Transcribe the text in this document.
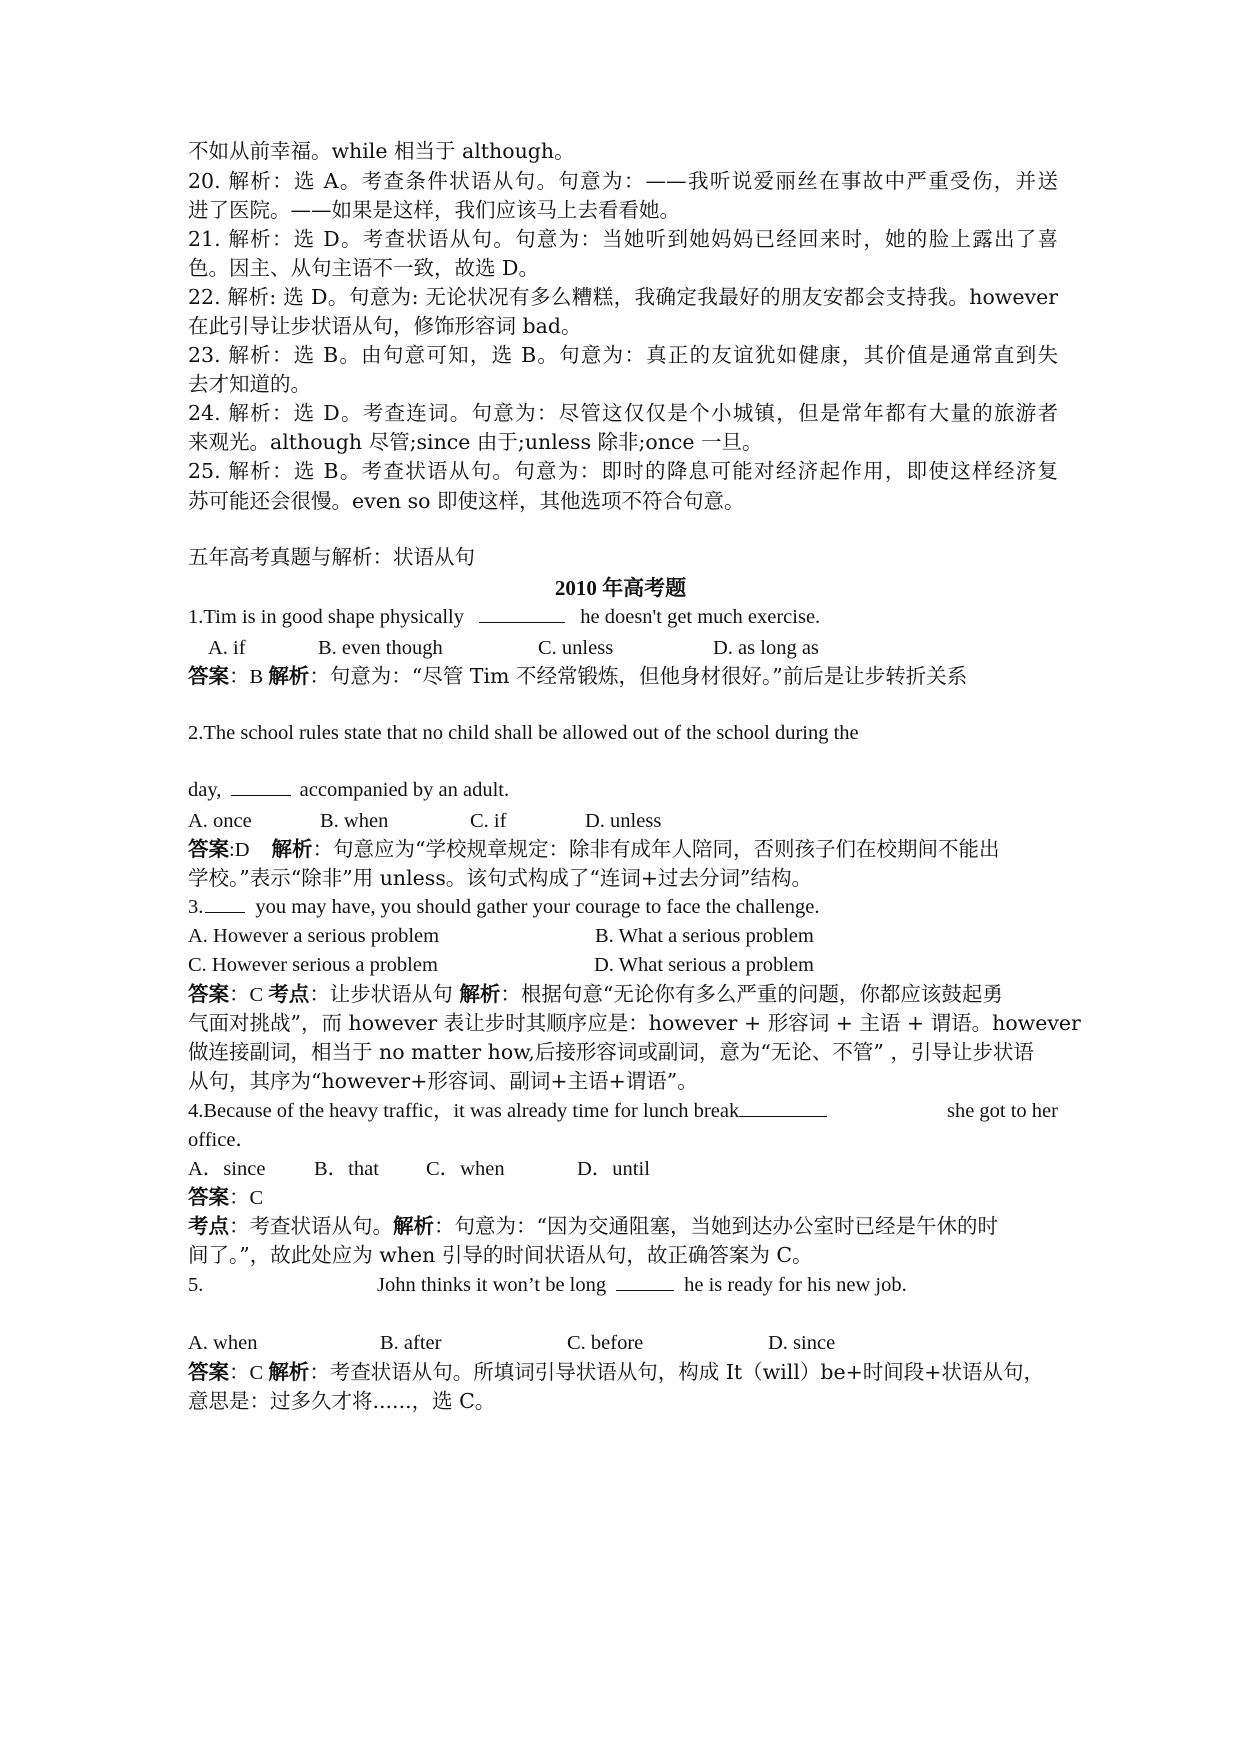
不如从前幸福。while 相当于 although。
20. 解析：选 A。考查条件状语从句。句意为：——我听说爱丽丝在事故中严重受伤，并送
进了医院。——如果是这样，我们应该马上去看看她。
21. 解析：选 D。考查状语从句。句意为：当她听到她妈妈已经回来时，她的脸上露出了喜
色。因主、从句主语不一致，故选 D。
22. 解析: 选 D。句意为: 无论状况有多么糟糕，我确定我最好的朋友安都会支持我。however
在此引导让步状语从句，修饰形容词 bad。
23. 解析：选 B。由句意可知，选 B。句意为：真正的友谊犹如健康，其价值是通常直到失
去才知道的。
24. 解析：选 D。考查连词。句意为：尽管这仅仅是个小城镇，但是常年都有大量的旅游者
来观光。although 尽管;since 由于;unless 除非;once 一旦。
25. 解析：选 B。考查状语从句。句意为：即时的降息可能对经济起作用，即使这样经济复
苏可能还会很慢。even so 即使这样，其他选项不符合句意。
五年高考真题与解析：状语从句
2010 年高考题
1.Tim is in good shape physically	he doesn't get much exercise.
A. if	B. even though	C. unless	D. as long as
答案：B 解析：句意为：“尽管 Tim 不经常锻炼，但他身材很好。”前后是让步转折关系
2.The school rules state that no child shall be allowed out of the school during the
day,	accompanied by an adult.
A. once	B. when	C. if	D. unless
答案:D 解析：句意应为“学校规章规定：除非有成年人陪同，否则孩子们在校期间不能出
学校。”表示“除非”用 unless。该句式构成了“连词+过去分词”结构。
3.	you may have, you should gather your courage to face the challenge.
A. However a serious problem	B. What a serious problem
C. However serious a problem	D. What serious a problem
答案：C 考点：让步状语从句 解析：根据句意“无论你有多么严重的问题，你都应该鼓起勇
气面对挑战”，而 however 表让步时其顺序应是：however + 形容词 + 主语 + 谓语。however
做连接副词，相当于 no matter how,后接形容词或副词，意为“无论、不管” ，引导让步状语
从句，其序为“however+形容词、副词+主语+谓语”。
4.Because of the heavy traffic，it was already time for lunch break	she got to her
office．
A．since B．that C．when	D．until
答案：C
考点：考查状语从句。解析：句意为：“因为交通阻塞，当她到达办公室时已经是午休的时
间了。”，故此处应为 when 引导的时间状语从句，故正确答案为 C。
5.	John thinks it won’t be long	he is ready for his new job.
A. when	B. after	C. before	D. since
答案：C 解析：考查状语从句。所填词引导状语从句，构成 It（will）be+时间段+状语从句，
意思是：过多久才将......，选 C。
